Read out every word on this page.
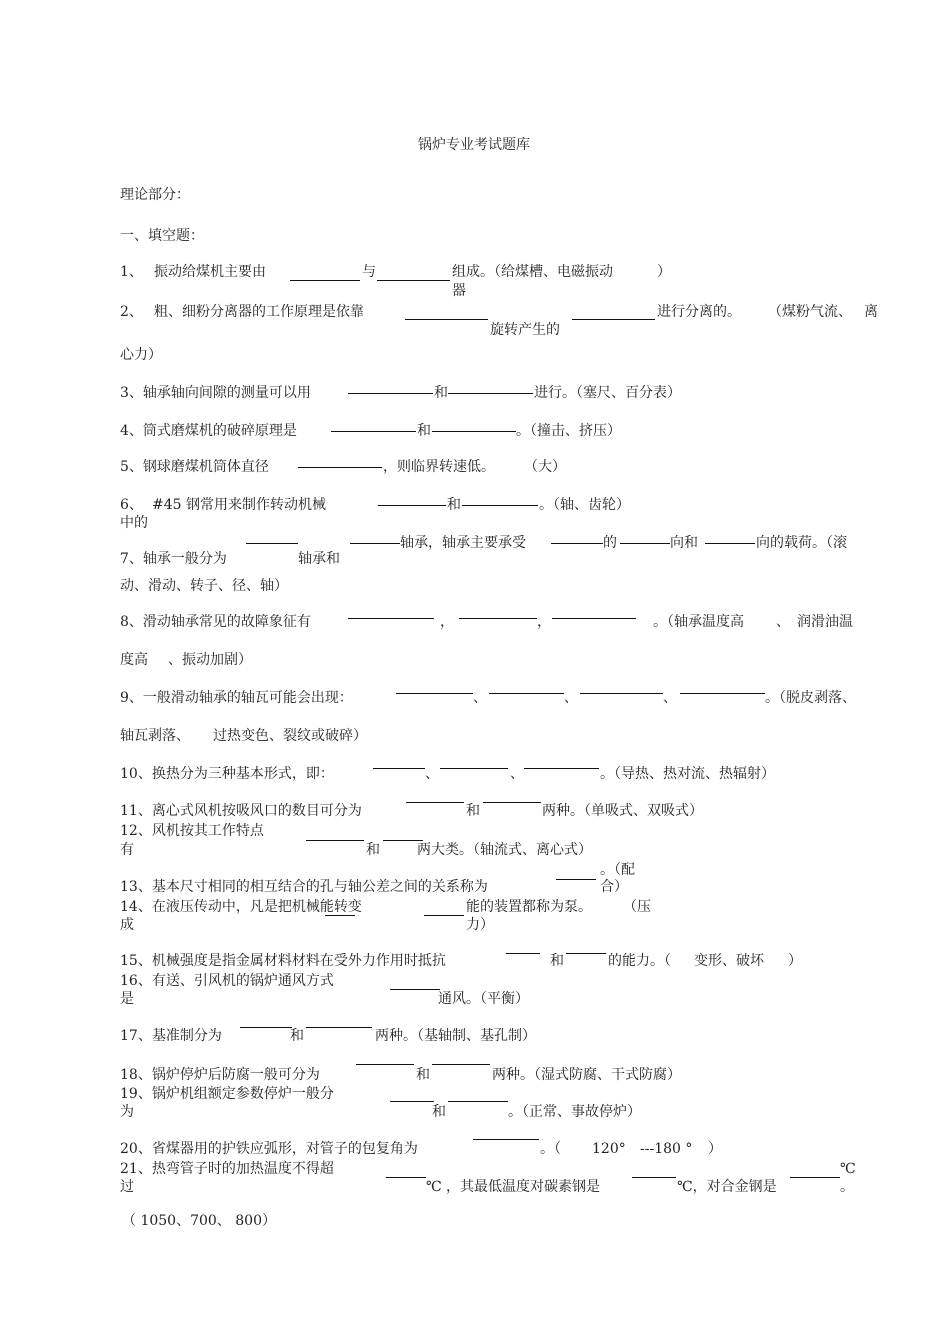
锅炉专业考试题库
理论部分：
一、填空题：
1、 振动给煤机主要由	与	组成。（给煤槽、电磁振动	）
器
2、 粗、细粉分离器的工作原理是依靠
旋转产生的
进行分离的。 （煤粉气流、 离
心力）
3、轴承轴向间隙的测量可以用	和	进行。（塞尺、百分表）
4、筒式磨煤机的破碎原理是	和	。（撞击、挤压）
5、钢球磨煤机筒体直径	，则临界转速低。 （大）
6、 #45 钢常用来制作转动机械
中的
和	。（轴、齿轮）
7、轴承一般分为	轴承和
轴承，轴承主要承受	的	向和	向的载荷。（滚
动、滑动、转子、径、轴）
8、滑动轴承常见的故障象征有	，	，	。（轴承温度高 、 润滑油温
度高 、振动加剧）
9、一般滑动轴承的轴瓦可能会出现：	、	、	、	。（脱皮剥落、
轴瓦剥落、 过热变色、裂纹或破碎）
10、换热分为三种基本形式，即：	、	、	。（导热、热对流、热辐射）
11、离心式风机按吸风口的数目可分为	和	两种。（单吸式、双吸式）
12、风机按其工作特点
有	和	两大类。（轴流式、离心式）
13、基本尺寸相同的相互结合的孔与轴公差之间的关系称为
。（配
合）
14、在液压传动中，凡是把机械能转变
成
能的装置都称为泵。 （压
力）
15、机械强度是指金属材料材料在受外力作用时抵抗	和	的能力。（ 变形、破坏 ）
16、有送、引风机的锅炉通风方式
是	通风。（平衡）
17、基准制分为	和	两种。（基轴制、基孔制）
18、锅炉停炉后防腐一般可分为	和	两种。（湿式防腐、干式防腐）
19、锅炉机组额定参数停炉一般分
为	和	。（正常、事故停炉）
20、省煤器用的护铁应弧形，对管子的包复角为	。（ 120° ---180 ° ）
21、热弯管子时的加热温度不得超
过	℃ ，其最低温度对碳素钢是	℃，对合金钢是
℃
。
（ 1050、700、 800）
